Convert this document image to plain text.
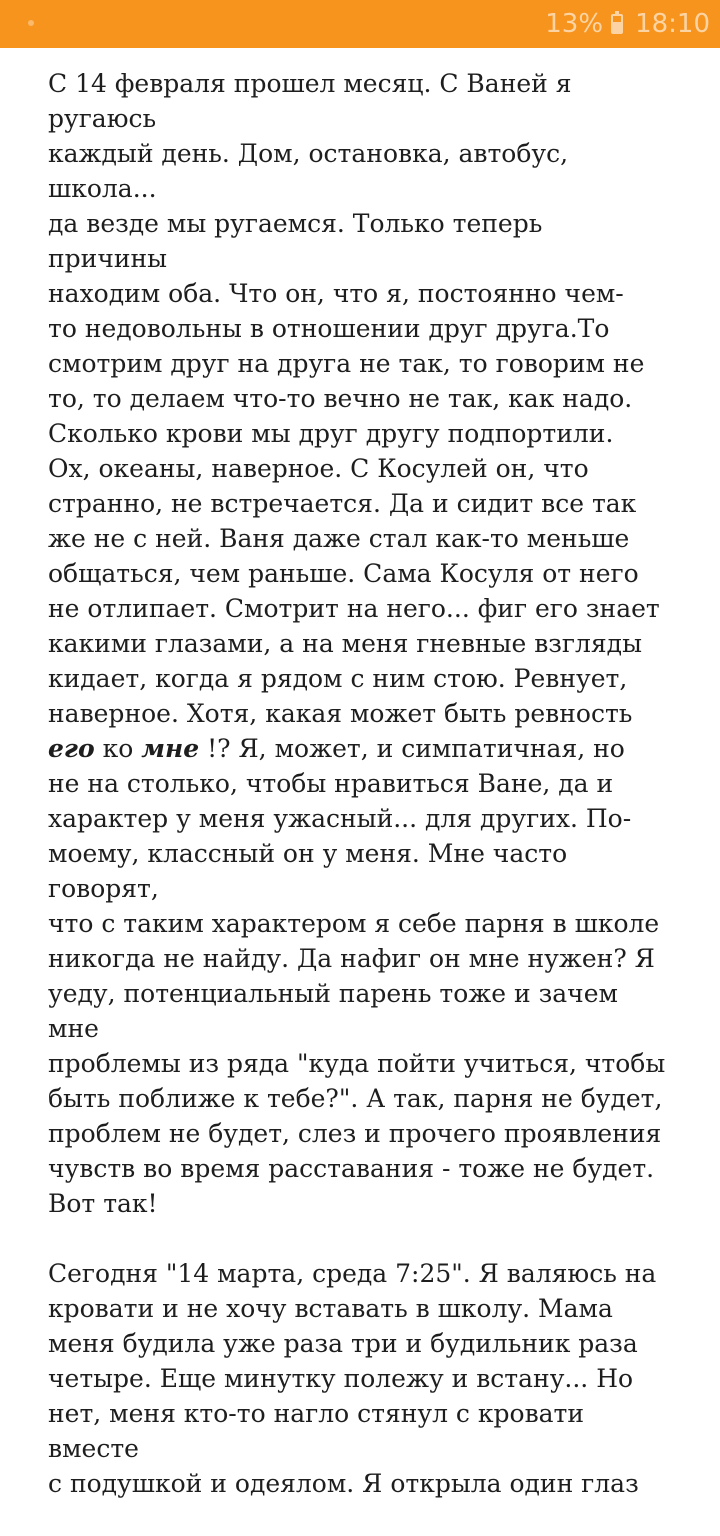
13% 18:10

С 14 февраля прошел месяц. С Ваней я ругаюсь
каждый день. Дом, остановка, автобус, школа...
да везде мы ругаемся. Только теперь причины
находим оба. Что он, что я, постоянно чем-
то недовольны в отношении друг друга.То
смотрим друг на друга не так, то говорим не
то, то делаем что-то вечно не так, как надо.
Сколько крови мы друг другу подпортили.
Ох, океаны, наверное. С Косулей он, что
странно, не встречается. Да и сидит все так
же не с ней. Ваня даже стал как-то меньше
общаться, чем раньше. Сама Косуля от него
не отлипает. Смотрит на него... фиг его знает
какими глазами, а на меня гневные взгляды
кидает, когда я рядом с ним стою. Ревнует,
наверное. Хотя, какая может быть ревность
его ко мне !? Я, может, и симпатичная, но
не на столько, чтобы нравиться Ване, да и
характер у меня ужасный... для других. По-
моему, классный он у меня. Мне часто говорят,
что с таким характером я себе парня в школе
никогда не найду. Да нафиг он мне нужен? Я
уеду, потенциальный парень тоже и зачем мне
проблемы из ряда "куда пойти учиться, чтобы
быть поближе к тебе?". А так, парня не будет,
проблем не будет, слез и прочего проявления
чувств во время расставания - тоже не будет.
Вот так!

Сегодня "14 марта, среда 7:25". Я валяюсь на
кровати и не хочу вставать в школу. Мама
меня будила уже раза три и будильник раза
четыре. Еще минутку полежу и встану... Но
нет, меня кто-то нагло стянул с кровати вместе
с подушкой и одеялом. Я открыла один глаз
